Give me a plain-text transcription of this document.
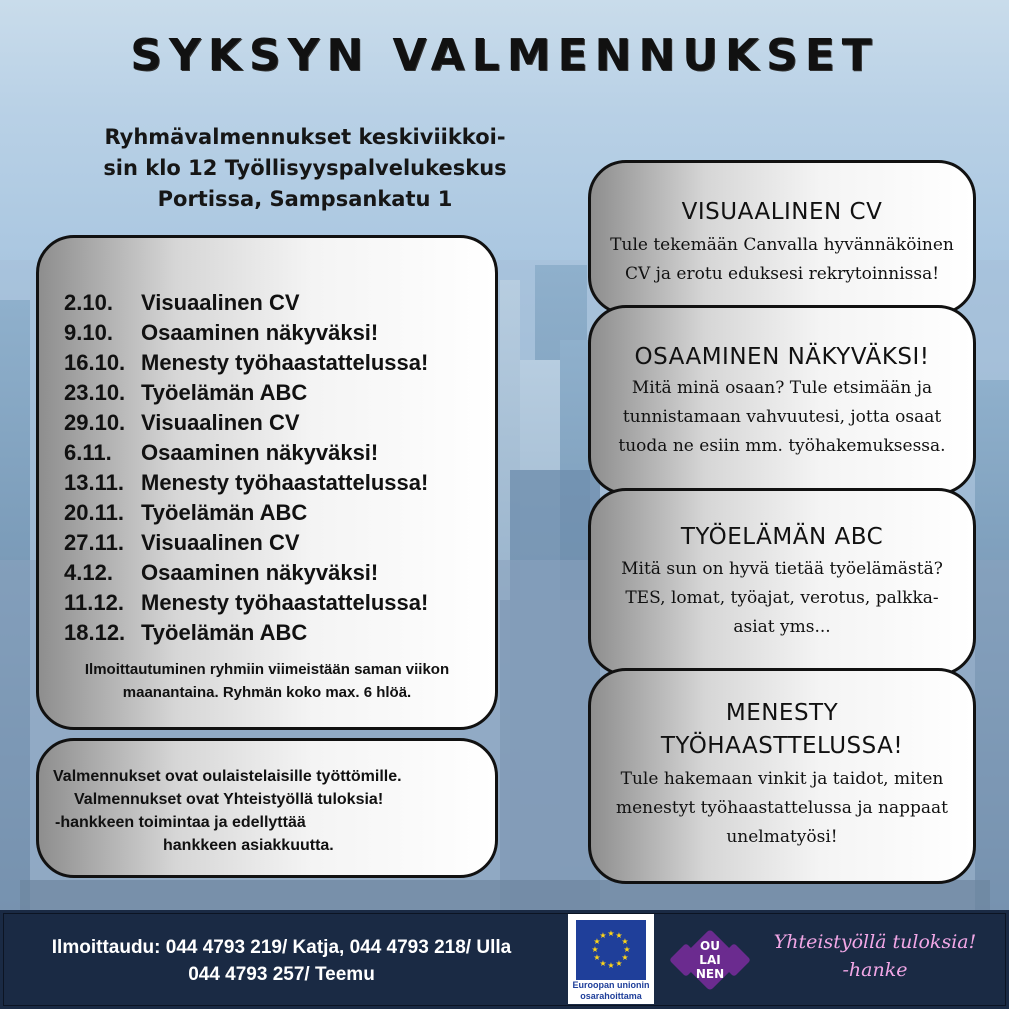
SYKSYN VALMENNUKSET
Ryhmävalmennukset keskiviikkoi-
sin klo 12 Työllisyyspalvelukeskus
Portissa, Sampsankatu 1
2.10.	Visuaalinen CV
9.10.	Osaaminen näkyväksi!
16.10. Menesty työhaastattelussa!
23.10. Työelämän ABC
29.10. Visuaalinen CV
6.11.	Osaaminen näkyväksi!
13.11. Menesty työhaastattelussa!
20.11. Työelämän ABC
27.11. Visuaalinen CV
4.12.	Osaaminen näkyväksi!
11.12. Menesty työhaastattelussa!
18.12. Työelämän ABC
Ilmoittautuminen ryhmiin viimeistään saman viikon
maanantaina. Ryhmän koko max. 6 hlöä.
Valmennukset ovat oulaistelaisille työttömille.
Valmennukset ovat Yhteistyöllä tuloksia!
-hankkeen toimintaa ja edellyttää
hankkeen asiakkuutta.
VISUAALINEN CV
Tule tekemään Canvalla hyvännäköinen
CV ja erotu eduksesi rekrytoinnissa!
OSAAMINEN NÄKYVÄKSI!
Mitä minä osaan? Tule etsimään ja
tunnistamaan vahvuutesi, jotta osaat
tuoda ne esiin mm. työhakemuksessa.
TYÖELÄMÄN ABC
Mitä sun on hyvä tietää työelämästä?
TES, lomat, työajat, verotus, palkka-
asiat yms...
MENESTY
TYÖHAASTTELUSSA!
Tule hakemaan vinkit ja taidot, miten
menestyt työhaastattelussa ja nappaat
unelmatyösi!
Ilmoittaudu: 044 4793 219/ Katja, 044 4793 218/ Ulla
044 4793 257/ Teemu
★ ★
★
★
★
★
★
★
★
★
★
★
Euroopan unionin
osarahoittama
OU
LAI
NEN
Yhteistyöllä tuloksia!
-hanke
